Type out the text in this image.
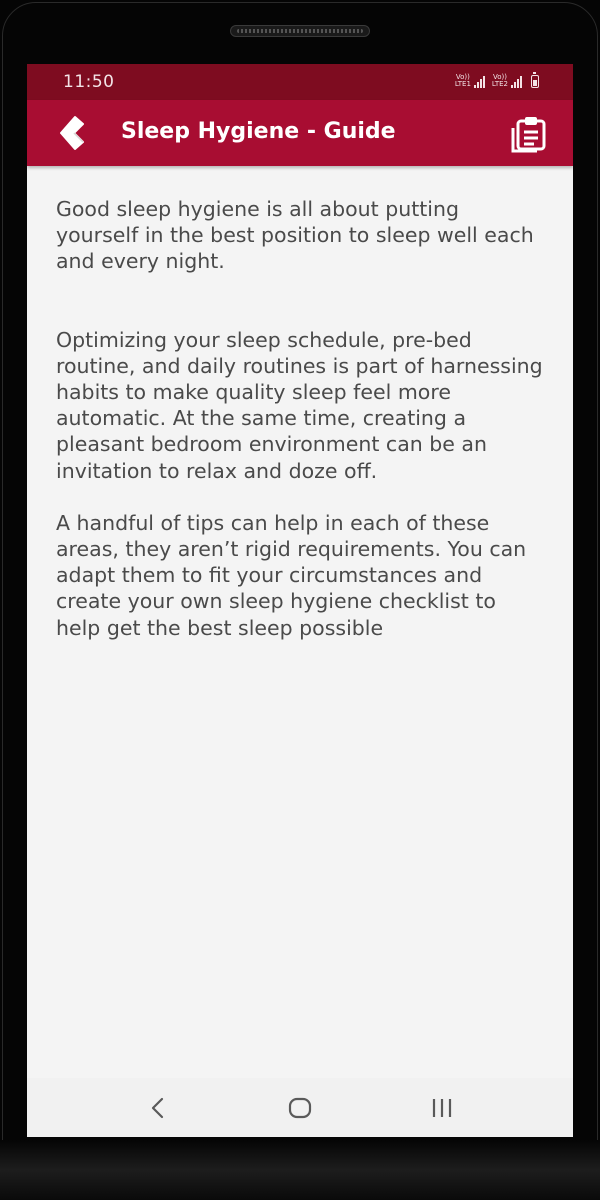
11:50	Vo))
LTE1
Vo))
LTE2
Sleep Hygiene - Guide

Good sleep hygiene is all about putting yourself in the best position to sleep well each and every night.

Optimizing your sleep schedule, pre-bed routine, and daily routines is part of harnessing habits to make quality sleep feel more automatic. At the same time, creating a pleasant bedroom environment can be an invitation to relax and doze off.

A handful of tips can help in each of these areas, they aren’t rigid requirements. You can adapt them to fit your circumstances and create your own sleep hygiene checklist to help get the best sleep possible
